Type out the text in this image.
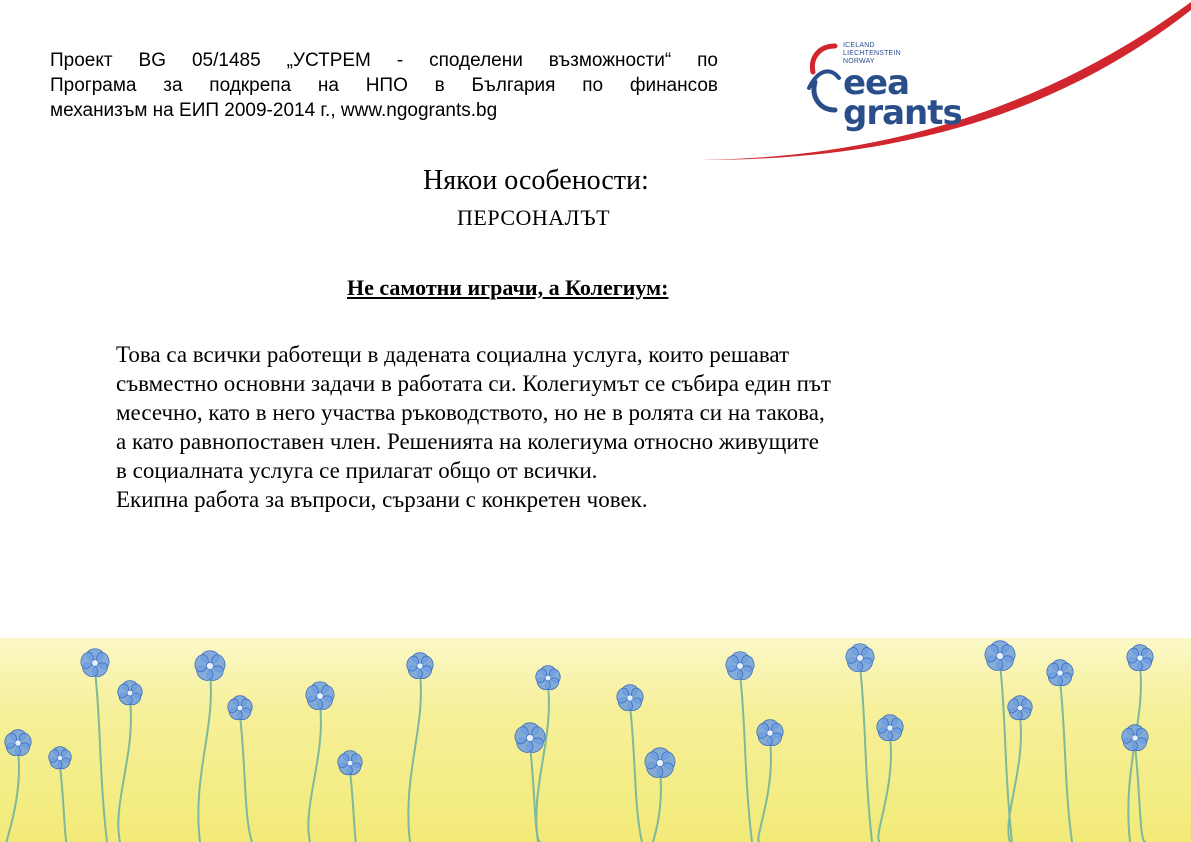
Проект BG 05/1485 „УСТРЕМ - споделени възможности“ по
Програма за подкрепа на НПО в България по финансов
механизъм на ЕИП 2009-2014 г., www.ngogrants.bg
ICELAND
LIECHTENSTEIN
NORWAY
eea
grants
Някои особености:
ПЕРСОНАЛЪТ
Не самотни играчи, а Колегиум:
Това са всички работещи в дадената социална услуга, които решават
съвместно основни задачи в работата си. Колегиумът се събира един път
месечно, като в него участва ръководството, но не в ролята си на такова,
а като равнопоставен член. Решенията на колегиума относно живущите
в социалната услуга се прилагат общо от всички.
Екипна работа за въпроси, сързани с конкретен човек.
